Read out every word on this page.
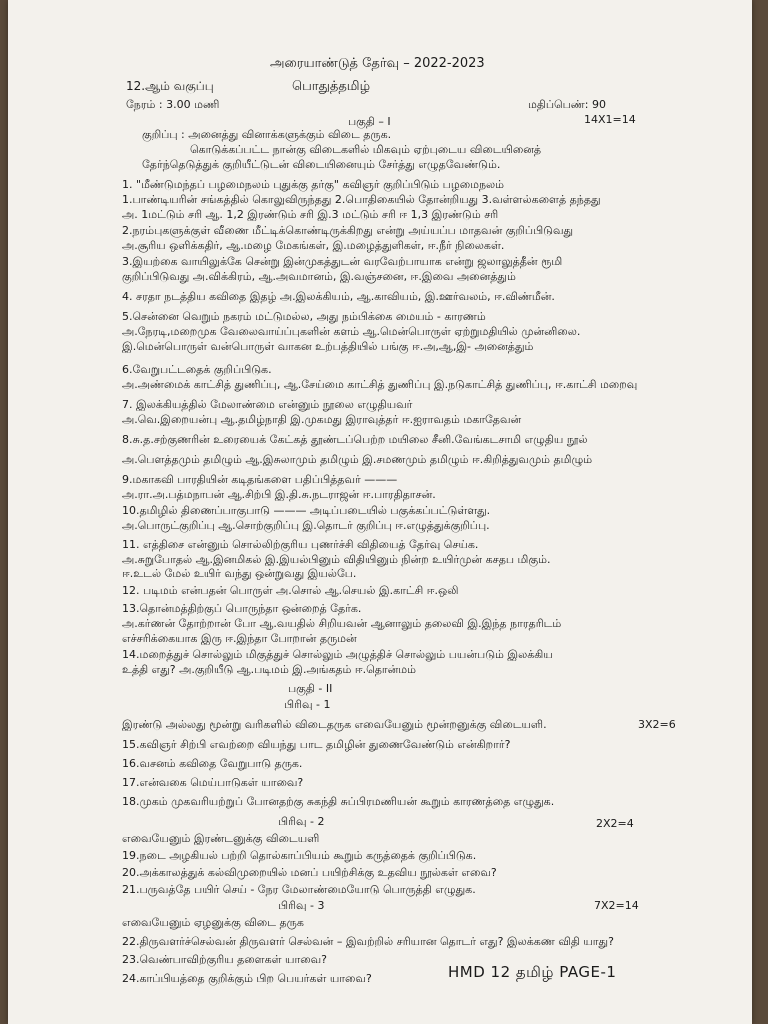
அரையாண்டுத் தேர்வு – 2022-2023
12.ஆம் வகுப்பு	பொதுத்தமிழ்
நேரம் : 3.00 மணி	மதிப்பெண்: 90
பகுதி – I	14X1=14
குறிப்பு : அனைத்து வினாக்களுக்கும் விடை தருக.
கொடுக்கப்பட்ட நான்கு விடைகளில் மிகவும் ஏற்புடைய விடையினைத்
தேர்ந்தெடுத்துக் குறியீட்டுடன் விடையினையும் சேர்த்து எழுதவேண்டும்.
1. "மீண்டுமந்தப் பழமைநலம் புதுக்கு தர்கு" கவிஞர் குறிப்பிடும் பழமைநலம்
1.பாண்டியரின் சங்கத்தில் கொலுவிருந்தது 2.பொதிகையில் தோன்றியது 3.வள்ளல்களைத் தந்தது
அ. 1மட்டும் சரி ஆ. 1,2 இரண்டும் சரி இ.3 மட்டும் சரி ஈ 1,3 இரண்டும் சரி
2.நரம்புகளுக்குள் வீணை மீட்டிக்கொண்டிருக்கிறது என்று அய்யப்ப மாதவன் குறிப்பிடுவது
அ.சூரிய ஒளிக்கதிர், ஆ.மழை மேகங்கள், இ.மழைத்துளிகள், ஈ.நீர் நிலைகள்.
3.இயற்கை வாயிலுக்கே சென்று இன்முகத்துடன் வரவேற்பாயாக என்று ஜலாலுத்தீன் ரூமி
குறிப்பிடுவது அ.விக்கிரம், ஆ.அவமானம், இ.வஞ்சனை, ஈ.இவை அனைத்தும்
4. சரதா நடத்திய கவிதை இதழ் அ.இலக்கியம், ஆ.காவியம், இ.ஊர்வலம், ஈ.விண்மீன்.
5.சென்னை வெறும் நகரம் மட்டுமல்ல, அது நம்பிக்கை மையம் - காரணம்
அ.நேரடி,மறைமுக வேலைவாய்ப்புகளின் களம் ஆ.மென்பொருள் ஏற்றுமதியில் முன்னிலை.
இ.மென்பொருள் வன்பொருள் வாகன உற்பத்தியில் பங்கு ஈ.அ,ஆ,இ- அனைத்தும்
6.வேறுபட்டதைக் குறிப்பிடுக.
அ.அண்மைக் காட்சித் துணிப்பு, ஆ.சேய்மை காட்சித் துணிப்பு இ.நடுகாட்சித் துணிப்பு, ஈ.காட்சி மறைவு
7. இலக்கியத்தில் மேலாண்மை என்னும் நூலை எழுதியவர்
அ.வெ.இறையன்பு ஆ.தமிழ்நாதி இ.முகமது இராவுத்தர் ஈ.ஐராவதம் மகாதேவன்
8.சு.த.சற்குணரின் உரையைக் கேட்கத் தூண்டப்பெற்ற மயிலை சீனி.வேங்கடசாமி எழுதிய நூல்
அ.பௌத்தமும் தமிழும் ஆ.இசுலாமும் தமிழும் இ.சமணமும் தமிழும் ஈ.கிறித்துவமும் தமிழும்
9.மகாகவி பாரதியின் கடிதங்களை பதிப்பித்தவர் ———
அ.ரா.அ.பத்மநாபன் ஆ.சிற்பி இ.தி.சு.நடராஜன் ஈ.பாரதிதாசன்.
10.தமிழில் திணைப்பாகுபாடு ——— அடிப்படையில் பகுக்கப்பட்டுள்ளது.
அ.பொருட்குறிப்பு ஆ.சொற்குறிப்பு இ.தொடர் குறிப்பு ஈ.எழுத்துக்குறிப்பு.
11. எத்திசை என்னும் சொல்லிற்குரிய புணர்ச்சி விதியைத் தேர்வு செய்க.
அ.சுறுபோதல் ஆ.இனமிகல் இ.இயல்பினும் விதியினும் நின்ற உயிர்முன் கசதப மிகும்.
ஈ.உடல் மேல் உயிர் வந்து ஒன்றுவது இயல்பே.
12. படிமம் என்பதன் பொருள் அ.சொல் ஆ.செயல் இ.காட்சி ஈ.ஒலி
13.தொன்மத்திற்குப் பொருந்தா ஒன்றைத் தேர்க.
அ.கர்ணன் தோற்றான் போ ஆ.வயதில் சிறியவன் ஆனாலும் தலைவி இ.இந்த நாரதரிடம்
எச்சரிக்கையாக இரு ஈ.இந்தா போறான் தருமன்
14.மறைத்துச் சொல்லும் மிகுத்துச் சொல்லும் அழுத்திச் சொல்லும் பயன்படும் இலக்கிய
உத்தி எது? அ.குறியீடு ஆ.படிமம் இ.அங்கதம் ஈ.தொன்மம்
பகுதி - II
பிரிவு - 1
இரண்டு அல்லது மூன்று வரிகளில் விடைதருக எவையேனும் மூன்றனுக்கு விடையளி.	3X2=6
15.கவிஞர் சிற்பி எவற்றை வியந்து பாட தமிழின் துணைவேண்டும் என்கிறார்?
16.வசனம் கவிதை வேறுபாடு தருக.
17.என்வகை மெய்பாடுகள் யாவை?
18.முகம் முகவரியற்றுப் போனதற்கு சுகந்தி சுப்பிரமணியன் கூறும் காரணத்தை எழுதுக.
பிரிவு - 2	2X2=4
எவையேனும் இரண்டனுக்கு விடையளி
19.நடை அழகியல் பற்றி தொல்காப்பியம் கூறும் கருத்தைக் குறிப்பிடுக.
20.அக்காலத்துக் கல்விமுறையில் மனப் பயிற்சிக்கு உதவிய நூல்கள் எவை?
21.பருவத்தே பயிர் செய் - நேர மேலாண்மையோடு பொருத்தி எழுதுக.
பிரிவு - 3	7X2=14
எவையேனும் ஏழனுக்கு விடை தருக
22.திருவளர்ச்செல்வன் திருவளர் செல்வன் – இவற்றில் சரியான தொடர் எது? இலக்கண விதி யாது?
23.வெண்பாவிற்குரிய தளைகள் யாவை?
24.காப்பியத்தை குறிக்கும் பிற பெயர்கள் யாவை?	HMD 12 தமிழ் PAGE-1
